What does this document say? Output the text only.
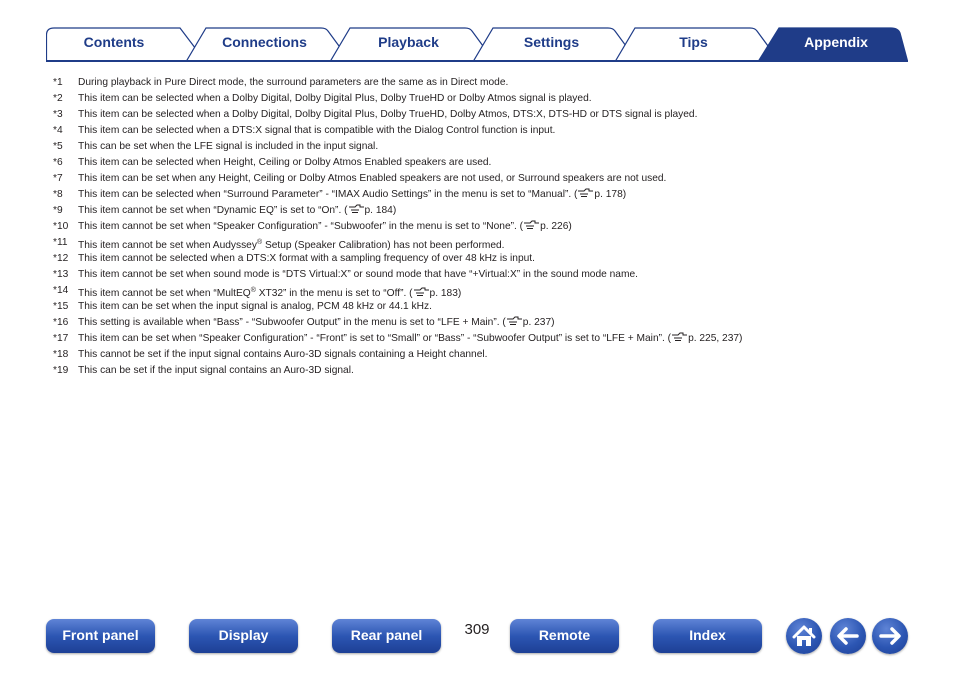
Contents	Connections	Playback	Settings	Tips	Appendix
*1 During playback in Pure Direct mode, the surround parameters are the same as in Direct mode.
*2 This item can be selected when a Dolby Digital, Dolby Digital Plus, Dolby TrueHD or Dolby Atmos signal is played.
*3 This item can be selected when a Dolby Digital, Dolby Digital Plus, Dolby TrueHD, Dolby Atmos, DTS:X, DTS-HD or DTS signal is played.
*4 This item can be selected when a DTS:X signal that is compatible with the Dialog Control function is input.
*5 This can be set when the LFE signal is included in the input signal.
*6 This item can be selected when Height, Ceiling or Dolby Atmos Enabled speakers are used.
*7 This item can be set when any Height, Ceiling or Dolby Atmos Enabled speakers are not used, or Surround speakers are not used.
*8 This item can be selected when “Surround Parameter” - “IMAX Audio Settings” in the menu is set to “Manual”. ( p. 178)
*9 This item cannot be set when “Dynamic EQ” is set to “On”. ( p. 184)
*10 This item cannot be set when “Speaker Configuration” - “Subwoofer” in the menu is set to “None”. ( p. 226)
*11 This item cannot be set when Audyssey® Setup (Speaker Calibration) has not been performed.
*12 This item cannot be selected when a DTS:X format with a sampling frequency of over 48 kHz is input.
*13 This item cannot be set when sound mode is “DTS Virtual:X” or sound mode that have “+Virtual:X” in the sound mode name.
*14 This item cannot be set when “MultEQ® XT32” in the menu is set to “Off”. ( p. 183)
*15 This item can be set when the input signal is analog, PCM 48 kHz or 44.1 kHz.
*16 This setting is available when “Bass” - “Subwoofer Output” in the menu is set to “LFE + Main”. ( p. 237)
*17 This item can be set when “Speaker Configuration” - “Front” is set to “Small” or “Bass” - “Subwoofer Output” is set to “LFE + Main”. ( p. 225, 237)
*18 This cannot be set if the input signal contains Auro-3D signals containing a Height channel.
*19 This can be set if the input signal contains an Auro-3D signal.
Front panel	Display	Rear panel	309	Remote	Index
